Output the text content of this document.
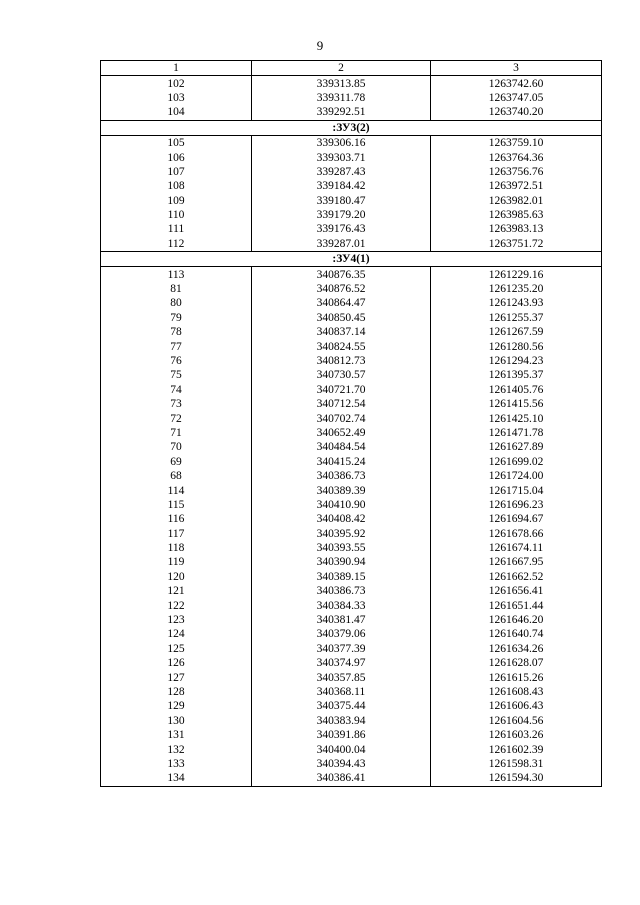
9
1	2	3
102	339313.85	1263742.60
103	339311.78	1263747.05
104	339292.51	1263740.20
:ЗУ3(2)		
105	339306.16	1263759.10
106	339303.71	1263764.36
107	339287.43	1263756.76
108	339184.42	1263972.51
109	339180.47	1263982.01
110	339179.20	1263985.63
111	339176.43	1263983.13
112	339287.01	1263751.72
:ЗУ4(1)		
113	340876.35	1261229.16
81	340876.52	1261235.20
80	340864.47	1261243.93
79	340850.45	1261255.37
78	340837.14	1261267.59
77	340824.55	1261280.56
76	340812.73	1261294.23
75	340730.57	1261395.37
74	340721.70	1261405.76
73	340712.54	1261415.56
72	340702.74	1261425.10
71	340652.49	1261471.78
70	340484.54	1261627.89
69	340415.24	1261699.02
68	340386.73	1261724.00
114	340389.39	1261715.04
115	340410.90	1261696.23
116	340408.42	1261694.67
117	340395.92	1261678.66
118	340393.55	1261674.11
119	340390.94	1261667.95
120	340389.15	1261662.52
121	340386.73	1261656.41
122	340384.33	1261651.44
123	340381.47	1261646.20
124	340379.06	1261640.74
125	340377.39	1261634.26
126	340374.97	1261628.07
127	340357.85	1261615.26
128	340368.11	1261608.43
129	340375.44	1261606.43
130	340383.94	1261604.56
131	340391.86	1261603.26
132	340400.04	1261602.39
133	340394.43	1261598.31
134	340386.41	1261594.30
